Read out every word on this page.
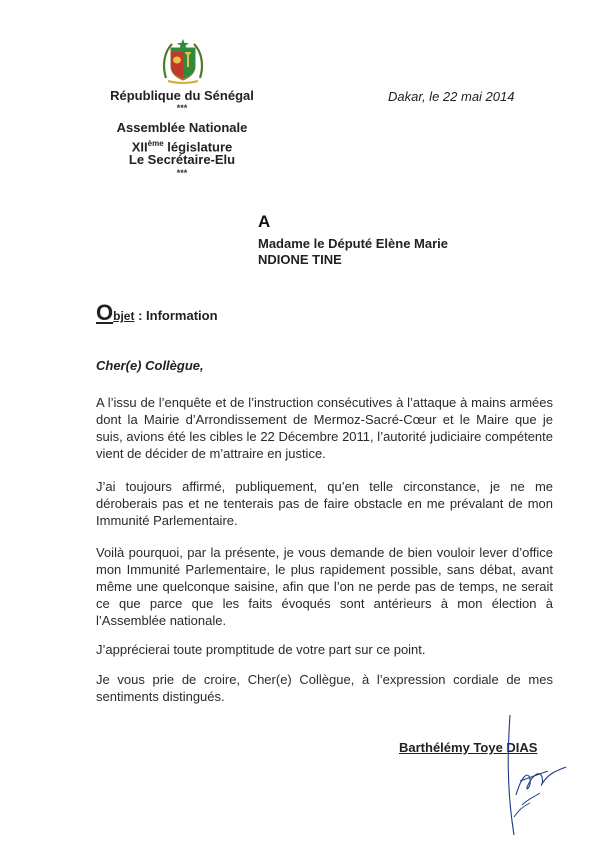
République du Sénégal
***
Assemblée Nationale
XIIème législature
Le Secrétaire-Elu
***
Dakar, le 22 mai 2014
A
Madame le Député Elène Marie
NDIONE TINE
Objet : Information
Cher(e) Collègue,
A l’issu de l’enquête et de l’instruction consécutives à l’attaque à mains armées dont la Mairie d’Arrondissement de Mermoz-Sacré-Cœur et le Maire que je suis, avions été les cibles le 22 Décembre 2011, l’autorité judiciaire compétente vient de décider de m’attraire en justice.
J’ai toujours affirmé, publiquement, qu’en telle circonstance, je ne me déroberais pas et ne tenterais pas de faire obstacle en me prévalant de mon Immunité Parlementaire.
Voilà pourquoi, par la présente, je vous demande de bien vouloir lever d’office mon Immunité Parlementaire, le plus rapidement possible, sans débat, avant même une quelconque saisine, afin que l’on ne perde pas de temps, ne serait ce que parce que les faits évoqués sont antérieurs à mon élection à l’Assemblée nationale.
J’apprécierai toute promptitude de votre part sur ce point.
Je vous prie de croire, Cher(e) Collègue, à l’expression cordiale de mes sentiments distingués.
Barthélémy Toye DIAS
